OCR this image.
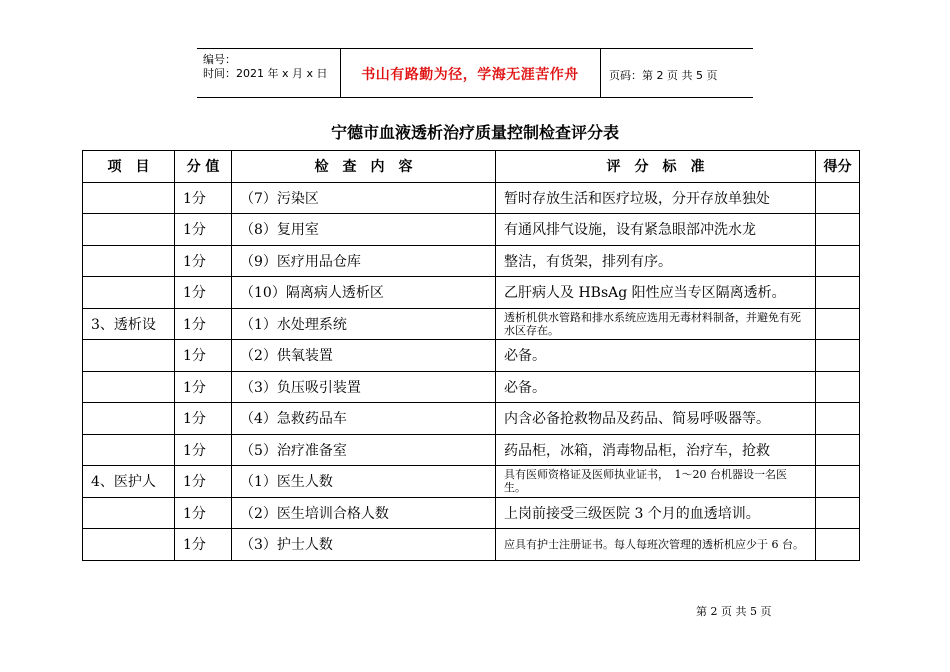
编号：
时间：2021 年 x 月 x 日	书山有路勤为径，学海无涯苦作舟	页码：第 2 页 共 5 页
宁德市血液透析治疗质量控制检查评分表
项　目	分 值	检　查　内　容	评　分　标　准	得分
	1分	（7）污染区	暂时存放生活和医疗垃圾，分开存放单独处	
	1分	（8）复用室	有通风排气设施，设有紧急眼部冲洗水龙	
	1分	（9）医疗用品仓库	整洁，有货架，排列有序。	
	1分	（10）隔离病人透析区	乙肝病人及 HBsAg 阳性应当专区隔离透析。	
3、透析设	1分	（1）水处理系统	透析机供水管路和排水系统应选用无毒材料制备，并避免有死水区存在。	

	1分	（2）供氧装置	必备。	
	1分	（3）负压吸引装置	必备。	
	1分	（4）急救药品车	内含必备抢救物品及药品、简易呼吸器等。	
	1分	（5）治疗准备室	药品柜，冰箱，消毒物品柜，治疗车，抢救	
4、医护人	1分	（1）医生人数	具有医师资格证及医师执业证书，　1～20 台机器设一名医生。	

	1分	（2）医生培训合格人数	上岗前接受三级医院 3 个月的血透培训。	
	1分	（3）护士人数	应具有护士注册证书。每人每班次管理的透析机应少于 6 台。	

第 2 页 共 5 页
